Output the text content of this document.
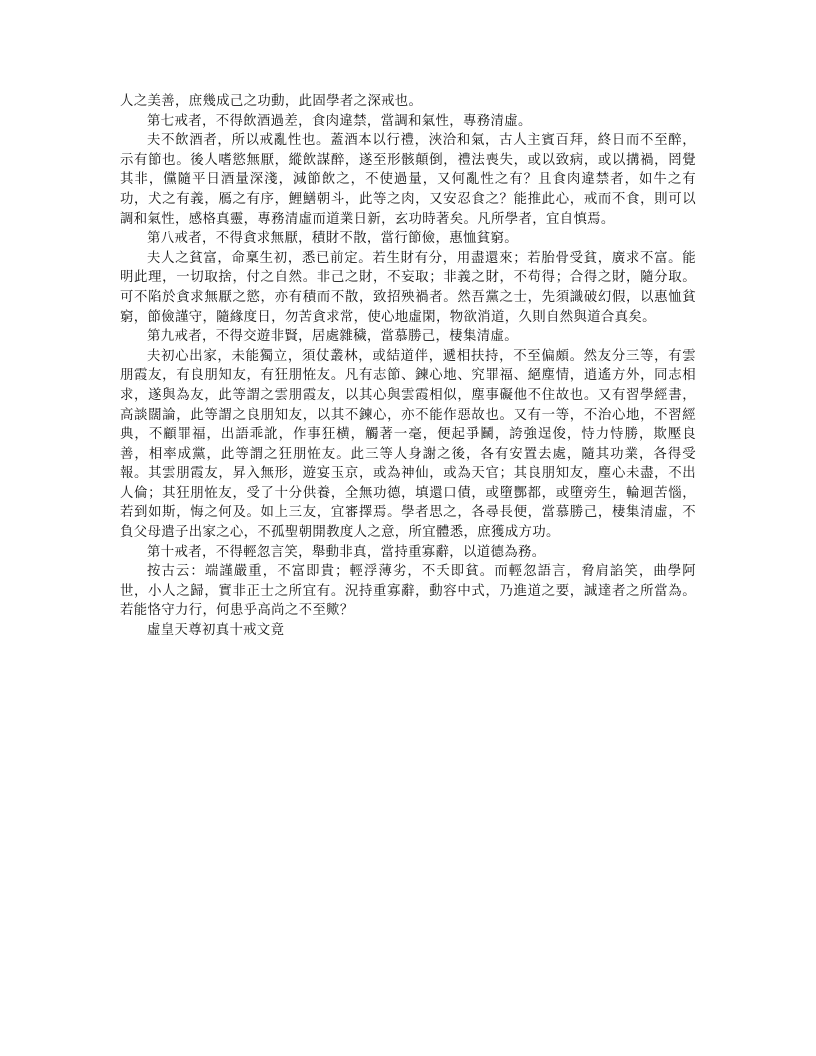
人之美善，庶幾成己之功動，此固學者之深戒也。

第七戒者，不得飲酒過差，食肉違禁，當調和氣性，專務清虛。

夫不飲酒者，所以戒亂性也。蓋酒本以行禮，浹洽和氣，古人主賓百拜，終日而不至醉，示有節也。後人嗜慾無厭，縱飲謀醉，遂至形骸顛倒，禮法喪失，或以致病，或以搆禍，罔覺其非，儻隨平日酒量深淺，減節飲之，不使過量，又何亂性之有？且食肉違禁者，如牛之有功，犬之有義，鴈之有序，鯉鱔朝斗，此等之肉，又安忍食之？能推此心，戒而不食，則可以調和氣性，感格真靈，專務清虛而道業日新，玄功時著矣。凡所學者，宜自慎焉。

第八戒者，不得貪求無厭，積財不散，當行節儉，惠恤貧窮。

夫人之貧富，命稟生初，悉已前定。若生財有分，用盡還來；若胎骨受貧，廣求不富。能明此理，一切取捨，付之自然。非己之財，不妄取；非義之財，不苟得；合得之財，隨分取。可不陷於貪求無厭之慾，亦有積而不散，致招殃禍者。然吾黨之士，先須識破幻假，以惠恤貧窮，節儉謹守，隨緣度日，勿苦貪求常，使心地虛閑，物欲消道，久則自然與道合真矣。

第九戒者，不得交遊非賢，居處雜穢，當慕勝己，棲集清虛。

夫初心出家，未能獨立，須仗叢林，或結道伴，遞相扶持，不至偏頗。然友分三等，有雲朋霞友，有良朋知友，有狂朋恠友。凡有志節、鍊心地、究罪福、絕塵情，逍遙方外，同志相求，遂與為友，此等謂之雲朋霞友，以其心與雲霞相似，塵事礙他不住故也。又有習學經書，高談闊論，此等謂之良朋知友，以其不鍊心，亦不能作惡故也。又有一等，不治心地，不習經典，不顧罪福，出語乖訛，作事狂横，觸著一毫，便起爭鬭，誇強逞俊，恃力恃勝，欺壓良善，相率成黨，此等謂之狂朋恠友。此三等人身謝之後，各有安置去處，隨其功業，各得受報。其雲朋霞友，昇入無形，遊宴玉京，或為神仙，或為天官；其良朋知友，塵心未盡，不出人倫；其狂朋恠友，受了十分供養，全無功德，填還口債，或墮酆都，或墮旁生，輪迴苦惱，若到如斯，悔之何及。如上三友，宜審擇焉。學者思之，各尋長便，當慕勝己，棲集清虛，不負父母遣子出家之心，不孤聖朝開教度人之意，所宜體悉，庶獲成方功。

第十戒者，不得輕忽言笑，舉動非真，當持重寡辭，以道德為務。

按古云：端謹嚴重，不富即貴；輕浮薄劣，不夭即貧。而輕忽語言，脅肩諂笑，曲學阿世，小人之歸，實非正士之所宜有。況持重寡辭，動容中式，乃進道之要，誠達者之所當為。若能恪守力行，何患乎高尚之不至歟？

虛皇天尊初真十戒文竟
